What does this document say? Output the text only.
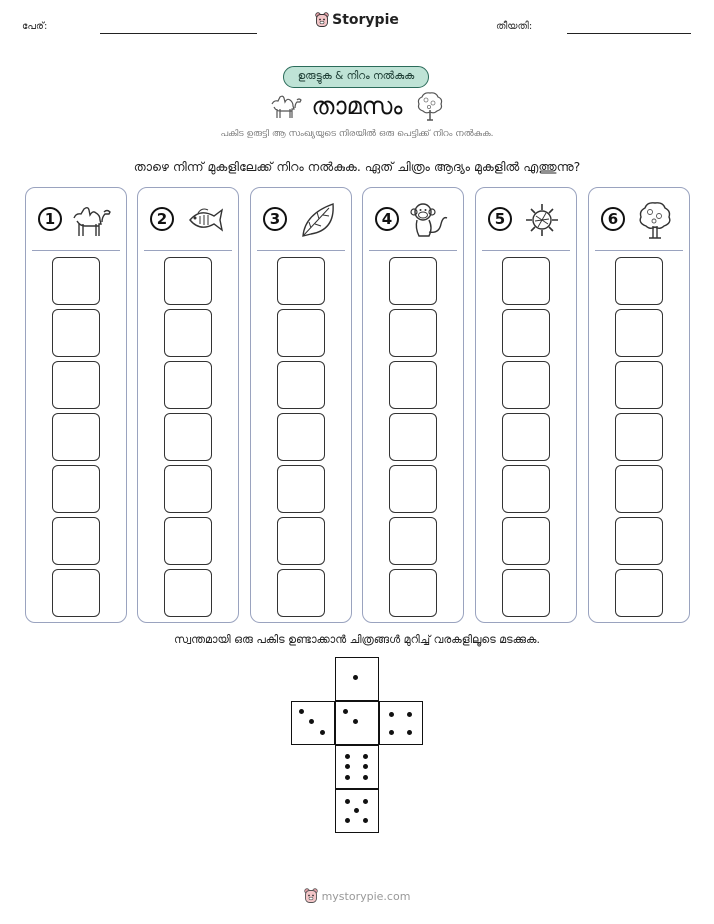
പേര്:	Storypie	തീയതി:
ഉരുട്ടുക & നിറം നൽകുക
താമസം
പകിട ഉരുട്ടി ആ സംഖ്യയുടെ നിരയിൽ ഒരു പെട്ടിക്ക് നിറം നൽകുക.
താഴെ നിന്ന് മുകളിലേക്ക് നിറം നൽകുക. ഏത് ചിത്രം ആദ്യം മുകളിൽ എത്തുന്നു?
1	2	3	4	5	6
സ്വന്തമായി ഒരു പകിട ഉണ്ടാക്കാൻ ചിത്രങ്ങൾ മുറിച്ച് വരകളിലൂടെ മടക്കുക.
mystorypie.com
